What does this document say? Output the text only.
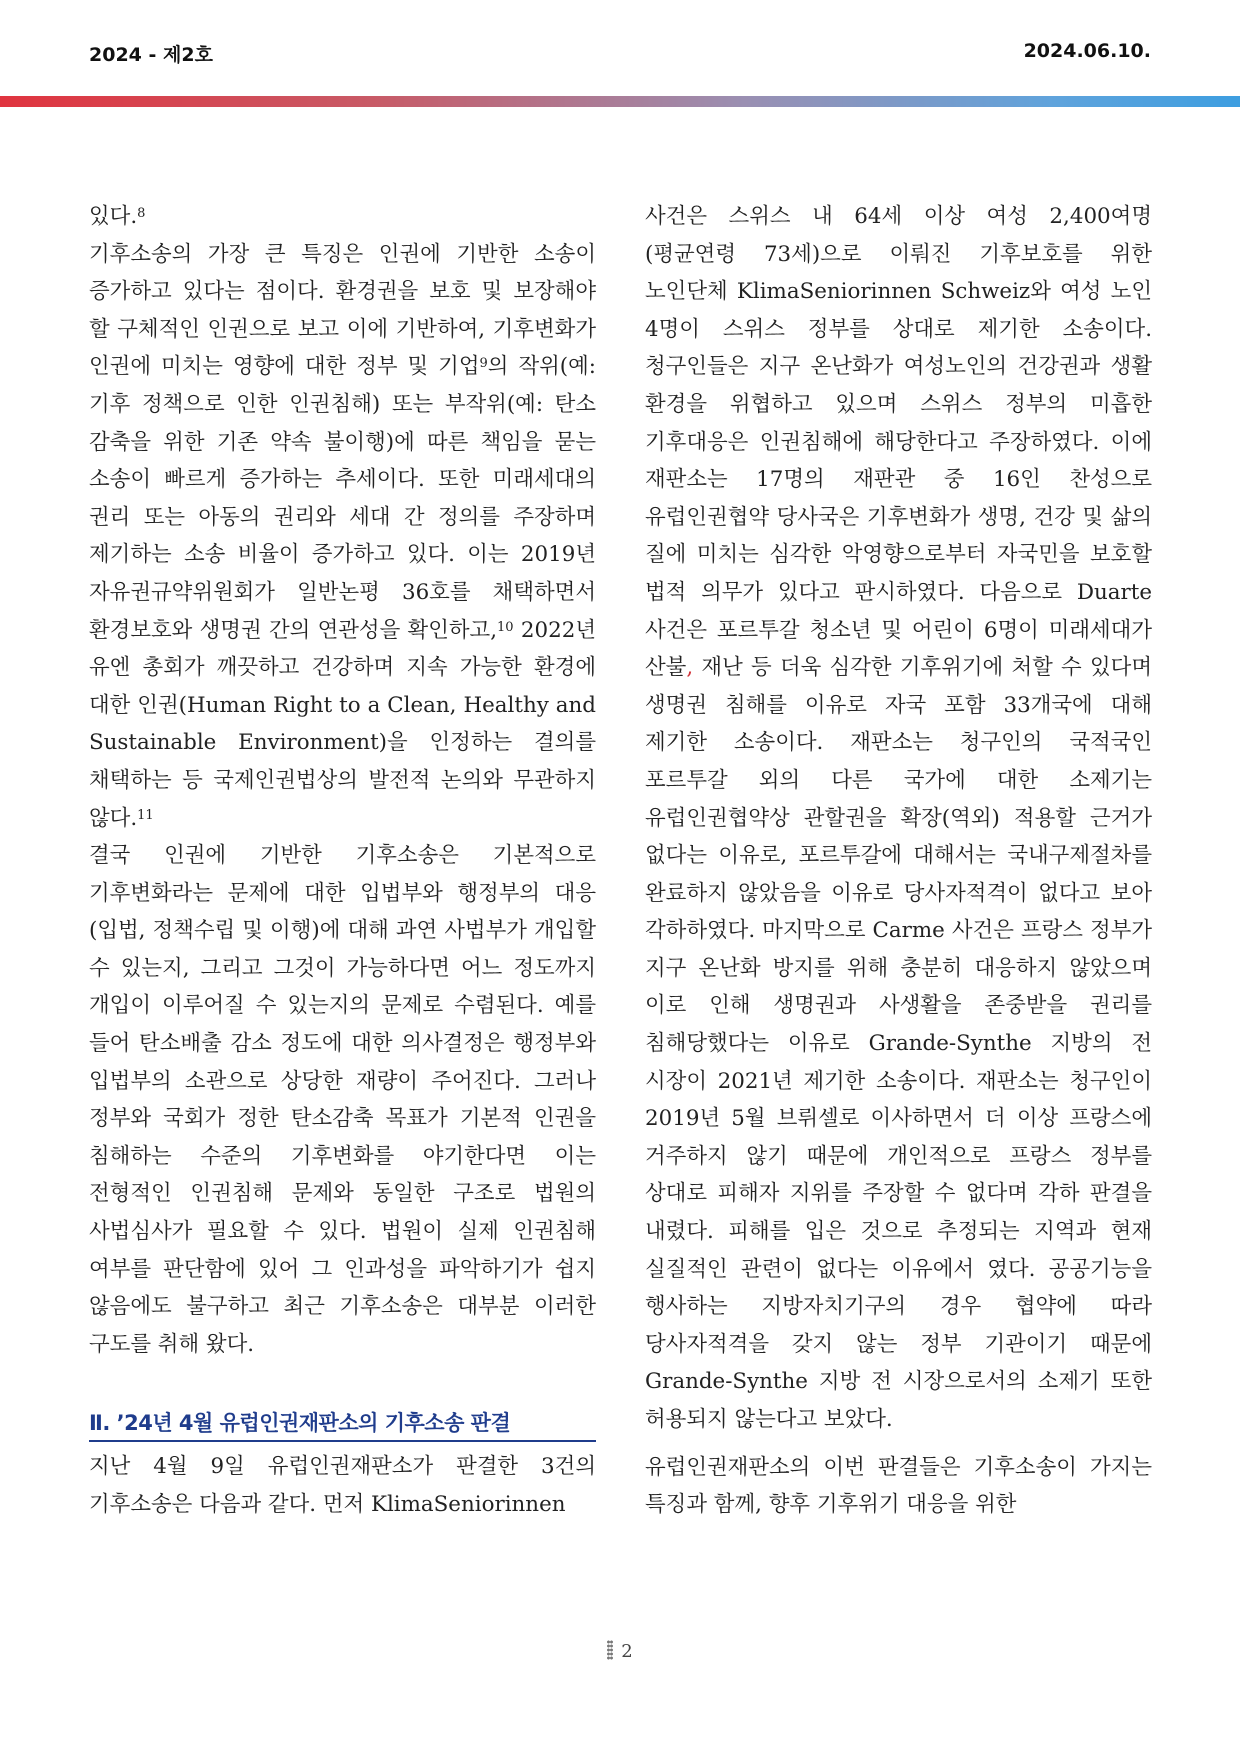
2024 - 제2호	2024.06.10.

있다.$^8$

기후소송의 가장 큰 특징은 인권에 기반한 소송이 증가하고 있다는 점이다. 환경권을 보호 및 보장해야 할 구체적인 인권으로 보고 이에 기반하여, 기후변화가 인권에 미치는 영향에 대한 정부 및 기업$^9$의 작위(예: 기후 정책으로 인한 인권침해) 또는 부작위(예: 탄소 감축을 위한 기존 약속 불이행)에 따른 책임을 묻는 소송이 빠르게 증가하는 추세이다. 또한 미래세대의 권리 또는 아동의 권리와 세대 간 정의를 주장하며 제기하는 소송 비율이 증가하고 있다. 이는 2019년 자유권규약위원회가 일반논평 36호를 채택하면서 환경보호와 생명권 간의 연관성을 확인하고,$^{10}$ 2022년 유엔 총회가 깨끗하고 건강하며 지속 가능한 환경에 대한 인권(Human Right to a Clean, Healthy and Sustainable Environment)을 인정하는 결의를 채택하는 등 국제인권법상의 발전적 논의와 무관하지 않다.$^{11}$

결국 인권에 기반한 기후소송은 기본적으로 기후변화라는 문제에 대한 입법부와 행정부의 대응(입법, 정책수립 및 이행)에 대해 과연 사법부가 개입할 수 있는지, 그리고 그것이 가능하다면 어느 정도까지 개입이 이루어질 수 있는지의 문제로 수렴된다. 예를 들어 탄소배출 감소 정도에 대한 의사결정은 행정부와 입법부의 소관으로 상당한 재량이 주어진다. 그러나 정부와 국회가 정한 탄소감축 목표가 기본적 인권을 침해하는 수준의 기후변화를 야기한다면 이는 전형적인 인권침해 문제와 동일한 구조로 법원의 사법심사가 필요할 수 있다. 법원이 실제 인권침해 여부를 판단함에 있어 그 인과성을 파악하기가 쉽지 않음에도 불구하고 최근 기후소송은 대부분 이러한 구도를 취해 왔다.

Ⅱ. ’24년 4월 유럽인권재판소의 기후소송 판결

지난 4월 9일 유럽인권재판소가 판결한 3건의 기후소송은 다음과 같다. 먼저 KlimaSeniorinnen

사건은 스위스 내 64세 이상 여성 2,400여명(평균연령 73세)으로 이뤄진 기후보호를 위한 노인단체 KlimaSeniorinnen Schweiz와 여성 노인 4명이 스위스 정부를 상대로 제기한 소송이다. 청구인들은 지구 온난화가 여성노인의 건강권과 생활 환경을 위협하고 있으며 스위스 정부의 미흡한 기후대응은 인권침해에 해당한다고 주장하였다. 이에 재판소는 17명의 재판관 중 16인 찬성으로 유럽인권협약 당사국은 기후변화가 생명, 건강 및 삶의 질에 미치는 심각한 악영향으로부터 자국민을 보호할 법적 의무가 있다고 판시하였다. 다음으로 Duarte 사건은 포르투갈 청소년 및 어린이 6명이 미래세대가 산불, 재난 등 더욱 심각한 기후위기에 처할 수 있다며 생명권 침해를 이유로 자국 포함 33개국에 대해 제기한 소송이다. 재판소는 청구인의 국적국인 포르투갈 외의 다른 국가에 대한 소제기는 유럽인권협약상 관할권을 확장(역외) 적용할 근거가 없다는 이유로, 포르투갈에 대해서는 국내구제절차를 완료하지 않았음을 이유로 당사자적격이 없다고 보아 각하하였다. 마지막으로 Carme 사건은 프랑스 정부가 지구 온난화 방지를 위해 충분히 대응하지 않았으며 이로 인해 생명권과 사생활을 존중받을 권리를 침해당했다는 이유로 Grande-Synthe 지방의 전 시장이 2021년 제기한 소송이다. 재판소는 청구인이 2019년 5월 브뤼셀로 이사하면서 더 이상 프랑스에 거주하지 않기 때문에 개인적으로 프랑스 정부를 상대로 피해자 지위를 주장할 수 없다며 각하 판결을 내렸다. 피해를 입은 것으로 추정되는 지역과 현재 실질적인 관련이 없다는 이유에서 였다. 공공기능을 행사하는 지방자치기구의 경우 협약에 따라 당사자적격을 갖지 않는 정부 기관이기 때문에 Grande-Synthe 지방 전 시장으로서의 소제기 또한 허용되지 않는다고 보았다.

유럽인권재판소의 이번 판결들은 기후소송이 가지는 특징과 함께, 향후 기후위기 대응을 위한

2
